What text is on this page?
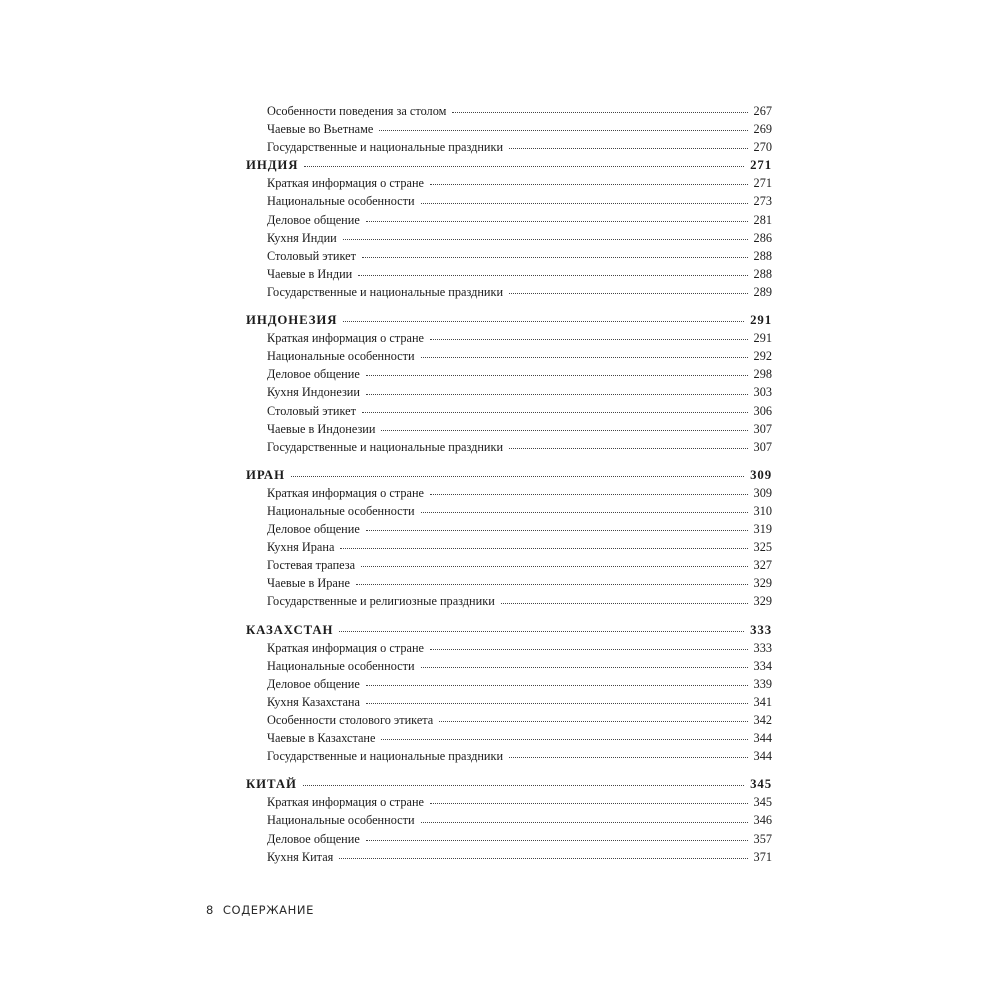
Особенности поведения за столом	267
Чаевые во Вьетнаме	269
Государственные и национальные праздники	270
ИНДИЯ	271
Краткая информация о стране	271
Национальные особенности	273
Деловое общение	281
Кухня Индии	286
Столовый этикет	288
Чаевые в Индии	288
Государственные и национальные праздники	289
ИНДОНЕЗИЯ	291
Краткая информация о стране	291
Национальные особенности	292
Деловое общение	298
Кухня Индонезии	303
Столовый этикет	306
Чаевые в Индонезии	307
Государственные и национальные праздники	307
ИРАН	309
Краткая информация о стране	309
Национальные особенности	310
Деловое общение	319
Кухня Ирана	325
Гостевая трапеза	327
Чаевые в Иране	329
Государственные и религиозные праздники	329
КАЗАХСТАН	333
Краткая информация о стране	333
Национальные особенности	334
Деловое общение	339
Кухня Казахстана	341
Особенности столового этикета	342
Чаевые в Казахстане	344
Государственные и национальные праздники	344
КИТАЙ	345
Краткая информация о стране	345
Национальные особенности	346
Деловое общение	357
Кухня Китая	371
8 СОДЕРЖАНИЕ
